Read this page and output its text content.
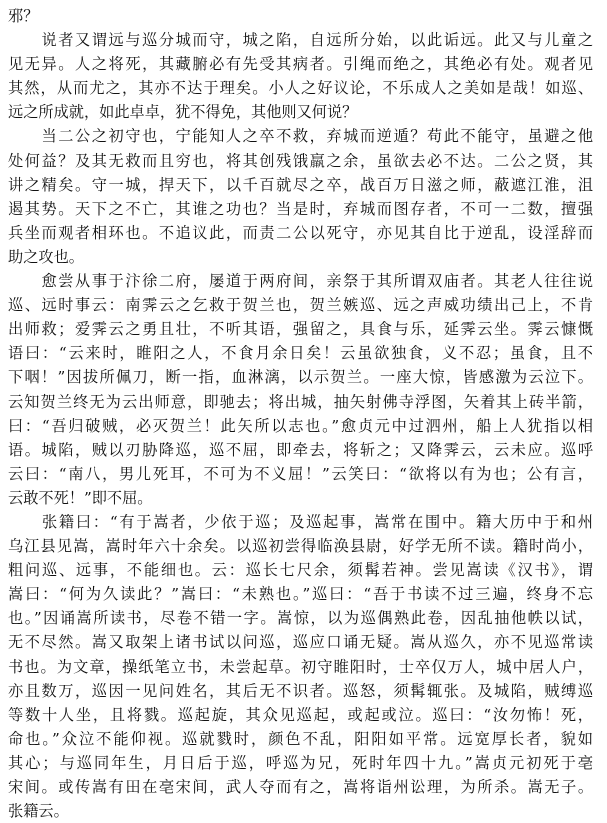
邪？
　　说者又谓远与巡分城而守，城之陷，自远所分始，以此诟远。此又与儿童之
见无异。人之将死，其藏腑必有先受其病者。引绳而绝之，其绝必有处。观者见
其然，从而尤之，其亦不达于理矣。小人之好议论，不乐成人之美如是哉！如巡、
远之所成就，如此卓卓，犹不得免，其他则又何说？
　　当二公之初守也，宁能知人之卒不救，弃城而逆遁？苟此不能守，虽避之他
处何益？及其无救而且穷也，将其创残饿羸之余，虽欲去必不达。二公之贤，其
讲之精矣。守一城，捍天下，以千百就尽之卒，战百万日滋之师，蔽遮江淮，沮
遏其势。天下之不亡，其谁之功也？当是时，弃城而图存者，不可一二数，擅强
兵坐而观者相环也。不追议此，而责二公以死守，亦见其自比于逆乱，设淫辞而
助之攻也。
　　愈尝从事于汴徐二府，屡道于两府间，亲祭于其所谓双庙者。其老人往往说
巡、远时事云：南霁云之乞救于贺兰也，贺兰嫉巡、远之声威功绩出己上，不肯
出师救；爱霁云之勇且壮，不听其语，强留之，具食与乐，延霁云坐。霁云慷慨
语曰：“云来时，睢阳之人，不食月余日矣！云虽欲独食，义不忍；虽食，且不
下咽！”因拔所佩刀，断一指，血淋漓，以示贺兰。一座大惊，皆感激为云泣下。
云知贺兰终无为云出师意，即驰去；将出城，抽矢射佛寺浮图，矢着其上砖半箭，
曰：“吾归破贼，必灭贺兰！此矢所以志也。”愈贞元中过泗州，船上人犹指以相
语。城陷，贼以刃胁降巡，巡不屈，即牵去，将斩之；又降霁云，云未应。巡呼
云曰：“南八，男儿死耳，不可为不义屈！”云笑曰：“欲将以有为也；公有言，
云敢不死！”即不屈。
　　张籍曰：“有于嵩者，少依于巡；及巡起事，嵩常在围中。籍大历中于和州
乌江县见嵩，嵩时年六十余矣。以巡初尝得临涣县尉，好学无所不读。籍时尚小，
粗问巡、远事，不能细也。云：巡长七尺余，须髯若神。尝见嵩读《汉书》，谓
嵩曰：“何为久读此？”嵩曰：“未熟也。”巡曰：“吾于书读不过三遍，终身不忘
也。”因诵嵩所读书，尽卷不错一字。嵩惊，以为巡偶熟此卷，因乱抽他帙以试，
无不尽然。嵩又取架上诸书试以问巡，巡应口诵无疑。嵩从巡久，亦不见巡常读
书也。为文章，操纸笔立书，未尝起草。初守睢阳时，士卒仅万人，城中居人户，
亦且数万，巡因一见问姓名，其后无不识者。巡怒，须髯辄张。及城陷，贼缚巡
等数十人坐，且将戮。巡起旋，其众见巡起，或起或泣。巡曰：“汝勿怖！死，
命也。”众泣不能仰视。巡就戮时，颜色不乱，阳阳如平常。远宽厚长者，貌如
其心；与巡同年生，月日后于巡，呼巡为兄，死时年四十九。”嵩贞元初死于亳
宋间。或传嵩有田在亳宋间，武人夺而有之，嵩将诣州讼理，为所杀。嵩无子。
张籍云。
